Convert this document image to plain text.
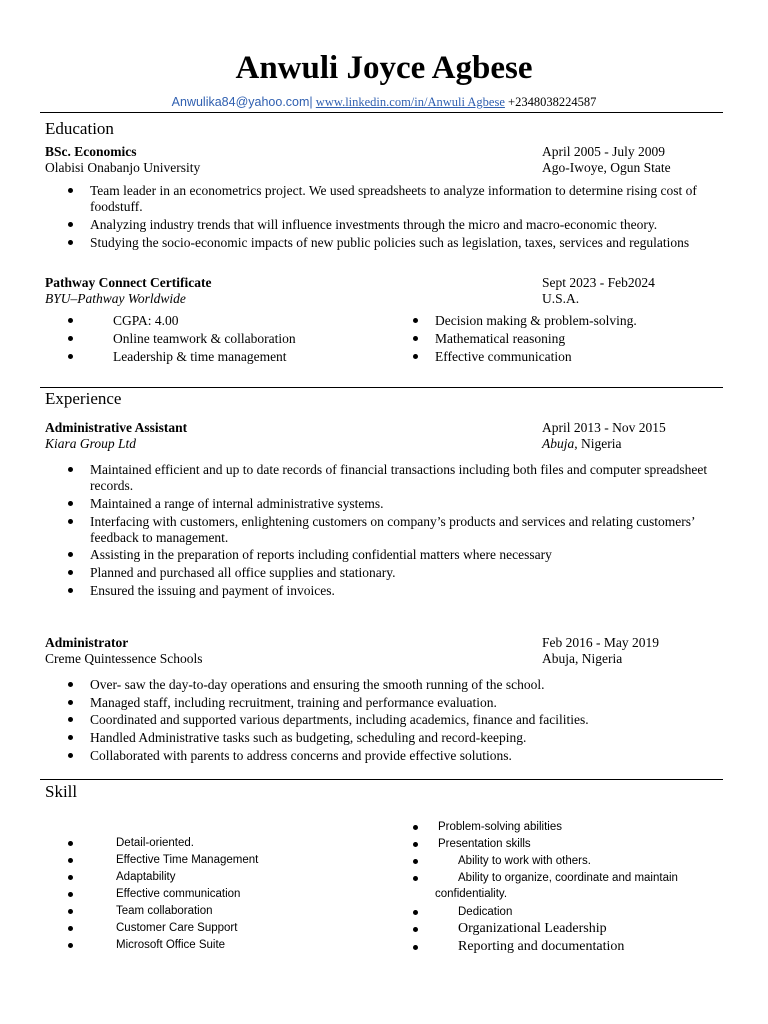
Anwuli Joyce Agbese
Anwulika84@yahoo.com| www.linkedin.com/in/Anwuli Agbese +2348038224587
Education
BSc. Economics	April 2005 - July 2009
Olabisi Onabanjo University	Ago-Iwoye, Ogun State
Team leader in an econometrics project. We used spreadsheets to analyze information to determine rising cost of
foodstuff.
Analyzing industry trends that will influence investments through the micro and macro-economic theory.
Studying the socio-economic impacts of new public policies such as legislation, taxes, services and regulations
Pathway Connect Certificate	Sept 2023 - Feb2024
BYU–Pathway Worldwide	U.S.A.
CGPA: 4.00
Online teamwork & collaboration
Leadership & time management
Decision making & problem-solving.
Mathematical reasoning
Effective communication
Experience
Administrative Assistant	April 2013 - Nov 2015
Kiara Group Ltd	Abuja, Nigeria
Maintained efficient and up to date records of financial transactions including both files and computer spreadsheet
records.
Maintained a range of internal administrative systems.
Interfacing with customers, enlightening customers on company’s products and services and relating customers’
feedback to management.
Assisting in the preparation of reports including confidential matters where necessary
Planned and purchased all office supplies and stationary.
Ensured the issuing and payment of invoices.
Administrator	Feb 2016 - May 2019
Creme Quintessence Schools	Abuja, Nigeria
Over- saw the day-to-day operations and ensuring the smooth running of the school.
Managed staff, including recruitment, training and performance evaluation.
Coordinated and supported various departments, including academics, finance and facilities.
Handled Administrative tasks such as budgeting, scheduling and record-keeping.
Collaborated with parents to address concerns and provide effective solutions.
Skill
Detail-oriented.
Effective Time Management
Adaptability
Effective communication
Team collaboration
Customer Care Support
Microsoft Office Suite
Problem-solving abilities
Presentation skills
Ability to work with others.
Ability to organize, coordinate and maintain
confidentiality.
Dedication
Organizational Leadership
Reporting and documentation
